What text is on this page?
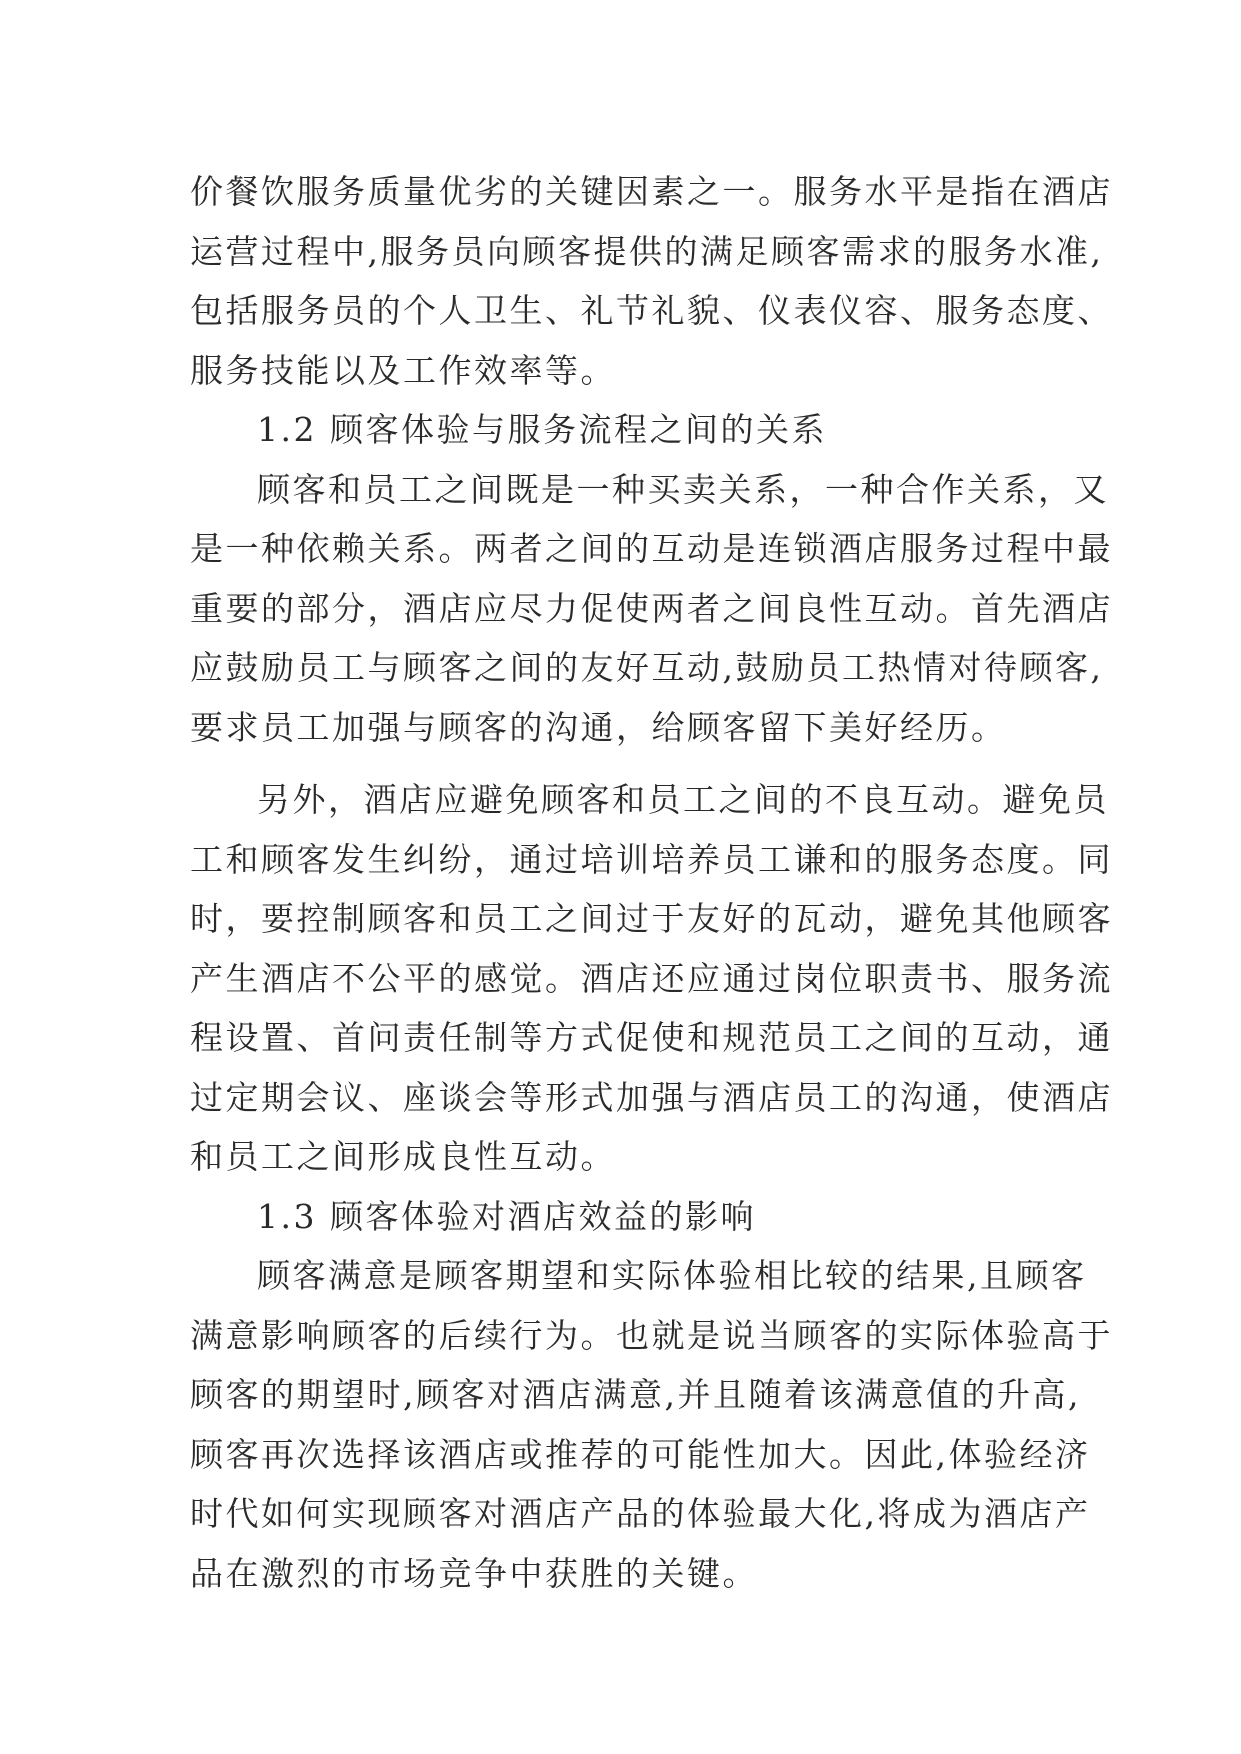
价餐饮服务质量优劣的关键因素之一。服务水平是指在酒店
运营过程中,服务员向顾客提供的满足顾客需求的服务水准,
包括服务员的个人卫生、礼节礼貌、仪表仪容、服务态度、
服务技能以及工作效率等。
1.2 顾客体验与服务流程之间的关系
顾客和员工之间既是一种买卖关系，一种合作关系，又
是一种依赖关系。两者之间的互动是连锁酒店服务过程中最
重要的部分，酒店应尽力促使两者之间良性互动。首先酒店
应鼓励员工与顾客之间的友好互动,鼓励员工热情对待顾客,
要求员工加强与顾客的沟通，给顾客留下美好经历。
另外，酒店应避免顾客和员工之间的不良互动。避免员
工和顾客发生纠纷，通过培训培养员工谦和的服务态度。同
时，要控制顾客和员工之间过于友好的瓦动，避免其他顾客
产生酒店不公平的感觉。酒店还应通过岗位职责书、服务流
程设置、首问责任制等方式促使和规范员工之间的互动，通
过定期会议、座谈会等形式加强与酒店员工的沟通，使酒店
和员工之间形成良性互动。
1.3 顾客体验对酒店效益的影响
顾客满意是顾客期望和实际体验相比较的结果,且顾客
满意影响顾客的后续行为。也就是说当顾客的实际体验高于
顾客的期望时,顾客对酒店满意,并且随着该满意值的升高,
顾客再次选择该酒店或推荐的可能性加大。因此,体验经济
时代如何实现顾客对酒店产品的体验最大化,将成为酒店产
品在激烈的市场竞争中获胜的关键。
